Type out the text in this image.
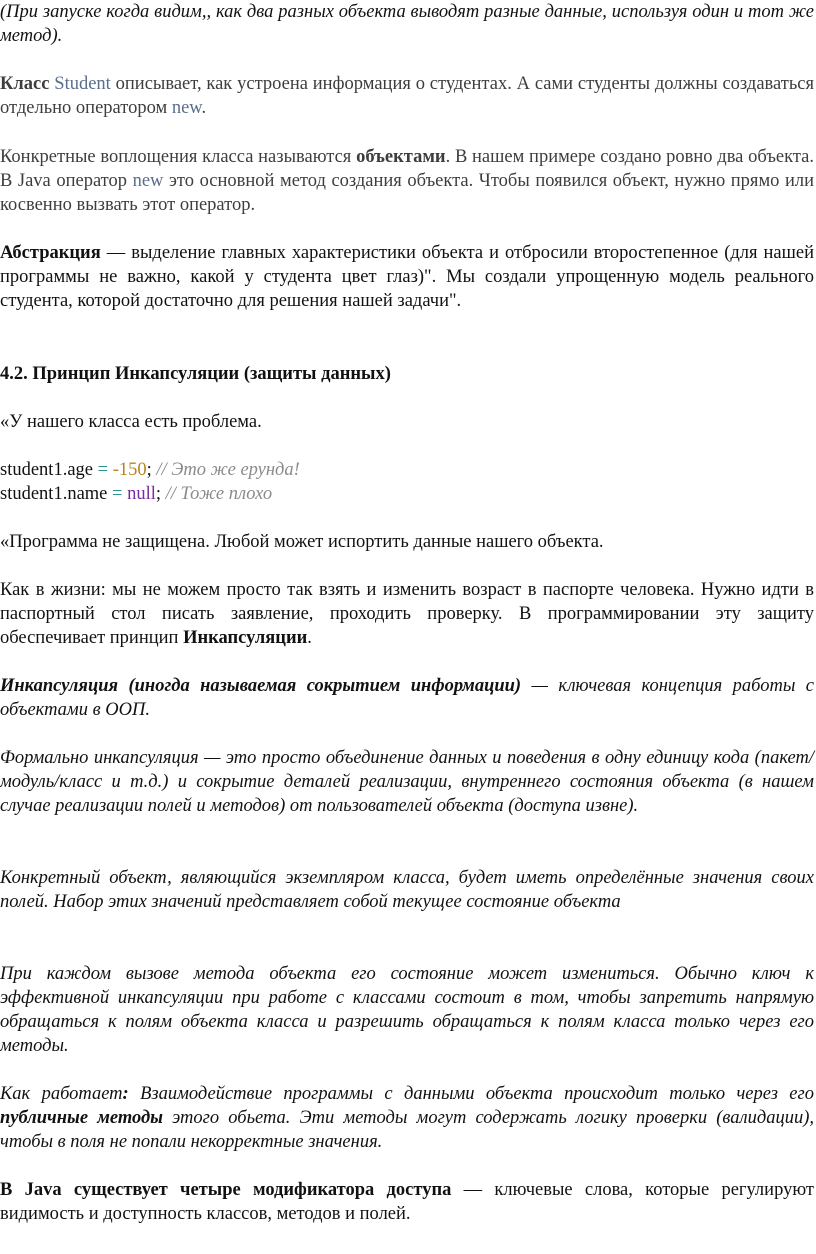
(При запуске когда видим,, как два разных объекта выводят разные данные, используя один и тот же метод).

Класс Student описывает, как устроена информация о студентах. А сами студенты должны создаваться отдельно оператором new.

Конкретные воплощения класса называются объектами. В нашем примере создано ровно два объекта. В Java оператор new это основной метод создания объекта. Чтобы появился объект, нужно прямо или косвенно вызвать этот оператор.

Абстракция — выделение главных характеристики объекта и отбросили второстепенное (для нашей программы не важно, какой у студента цвет глаз)". Мы создали упрощенную модель реального студента, которой достаточно для решения нашей задачи".

4.2. Принцип Инкапсуляции (защиты данных)

«У нашего класса есть проблема.

student1.age = -150; // Это же ерунда!
student1.name = null; // Тоже плохо

«Программа не защищена. Любой может испортить данные нашего объекта.

Как в жизни: мы не можем просто так взять и изменить возраст в паспорте человека. Нужно идти в паспортный стол писать заявление, проходить проверку. В программировании эту защиту обеспечивает принцип Инкапсуляции.

Инкапсуляция (иногда называемая сокрытием информации) — ключевая концепция работы с объектами в ООП.

Формально инкапсуляция — это просто объединение данных и поведения в одну единицу кода (пакет/модуль/класс и т.д.) и сокрытие деталей реализации, внутреннего состояния объекта (в нашем случае реализации полей и методов) от пользователей объекта (доступа извне).

Конкретный объект, являющийся экземпляром класса, будет иметь определённые значения своих полей. Набор этих значений представляет собой текущее состояние объекта

При каждом вызове метода объекта его состояние может измениться. Обычно ключ к эффективной инкапсуляции при работе с классами состоит в том, чтобы запретить напрямую обращаться к полям объекта класса и разрешить обращаться к полям класса только через его методы.

Как работает: Взаимодействие программы с данными объекта происходит только через его публичные методы этого обьета. Эти методы могут содержать логику проверки (валидации), чтобы в поля не попали некорректные значения.

В Java существует четыре модификатора доступа — ключевые слова, которые регулируют видимость и доступность классов, методов и полей.
